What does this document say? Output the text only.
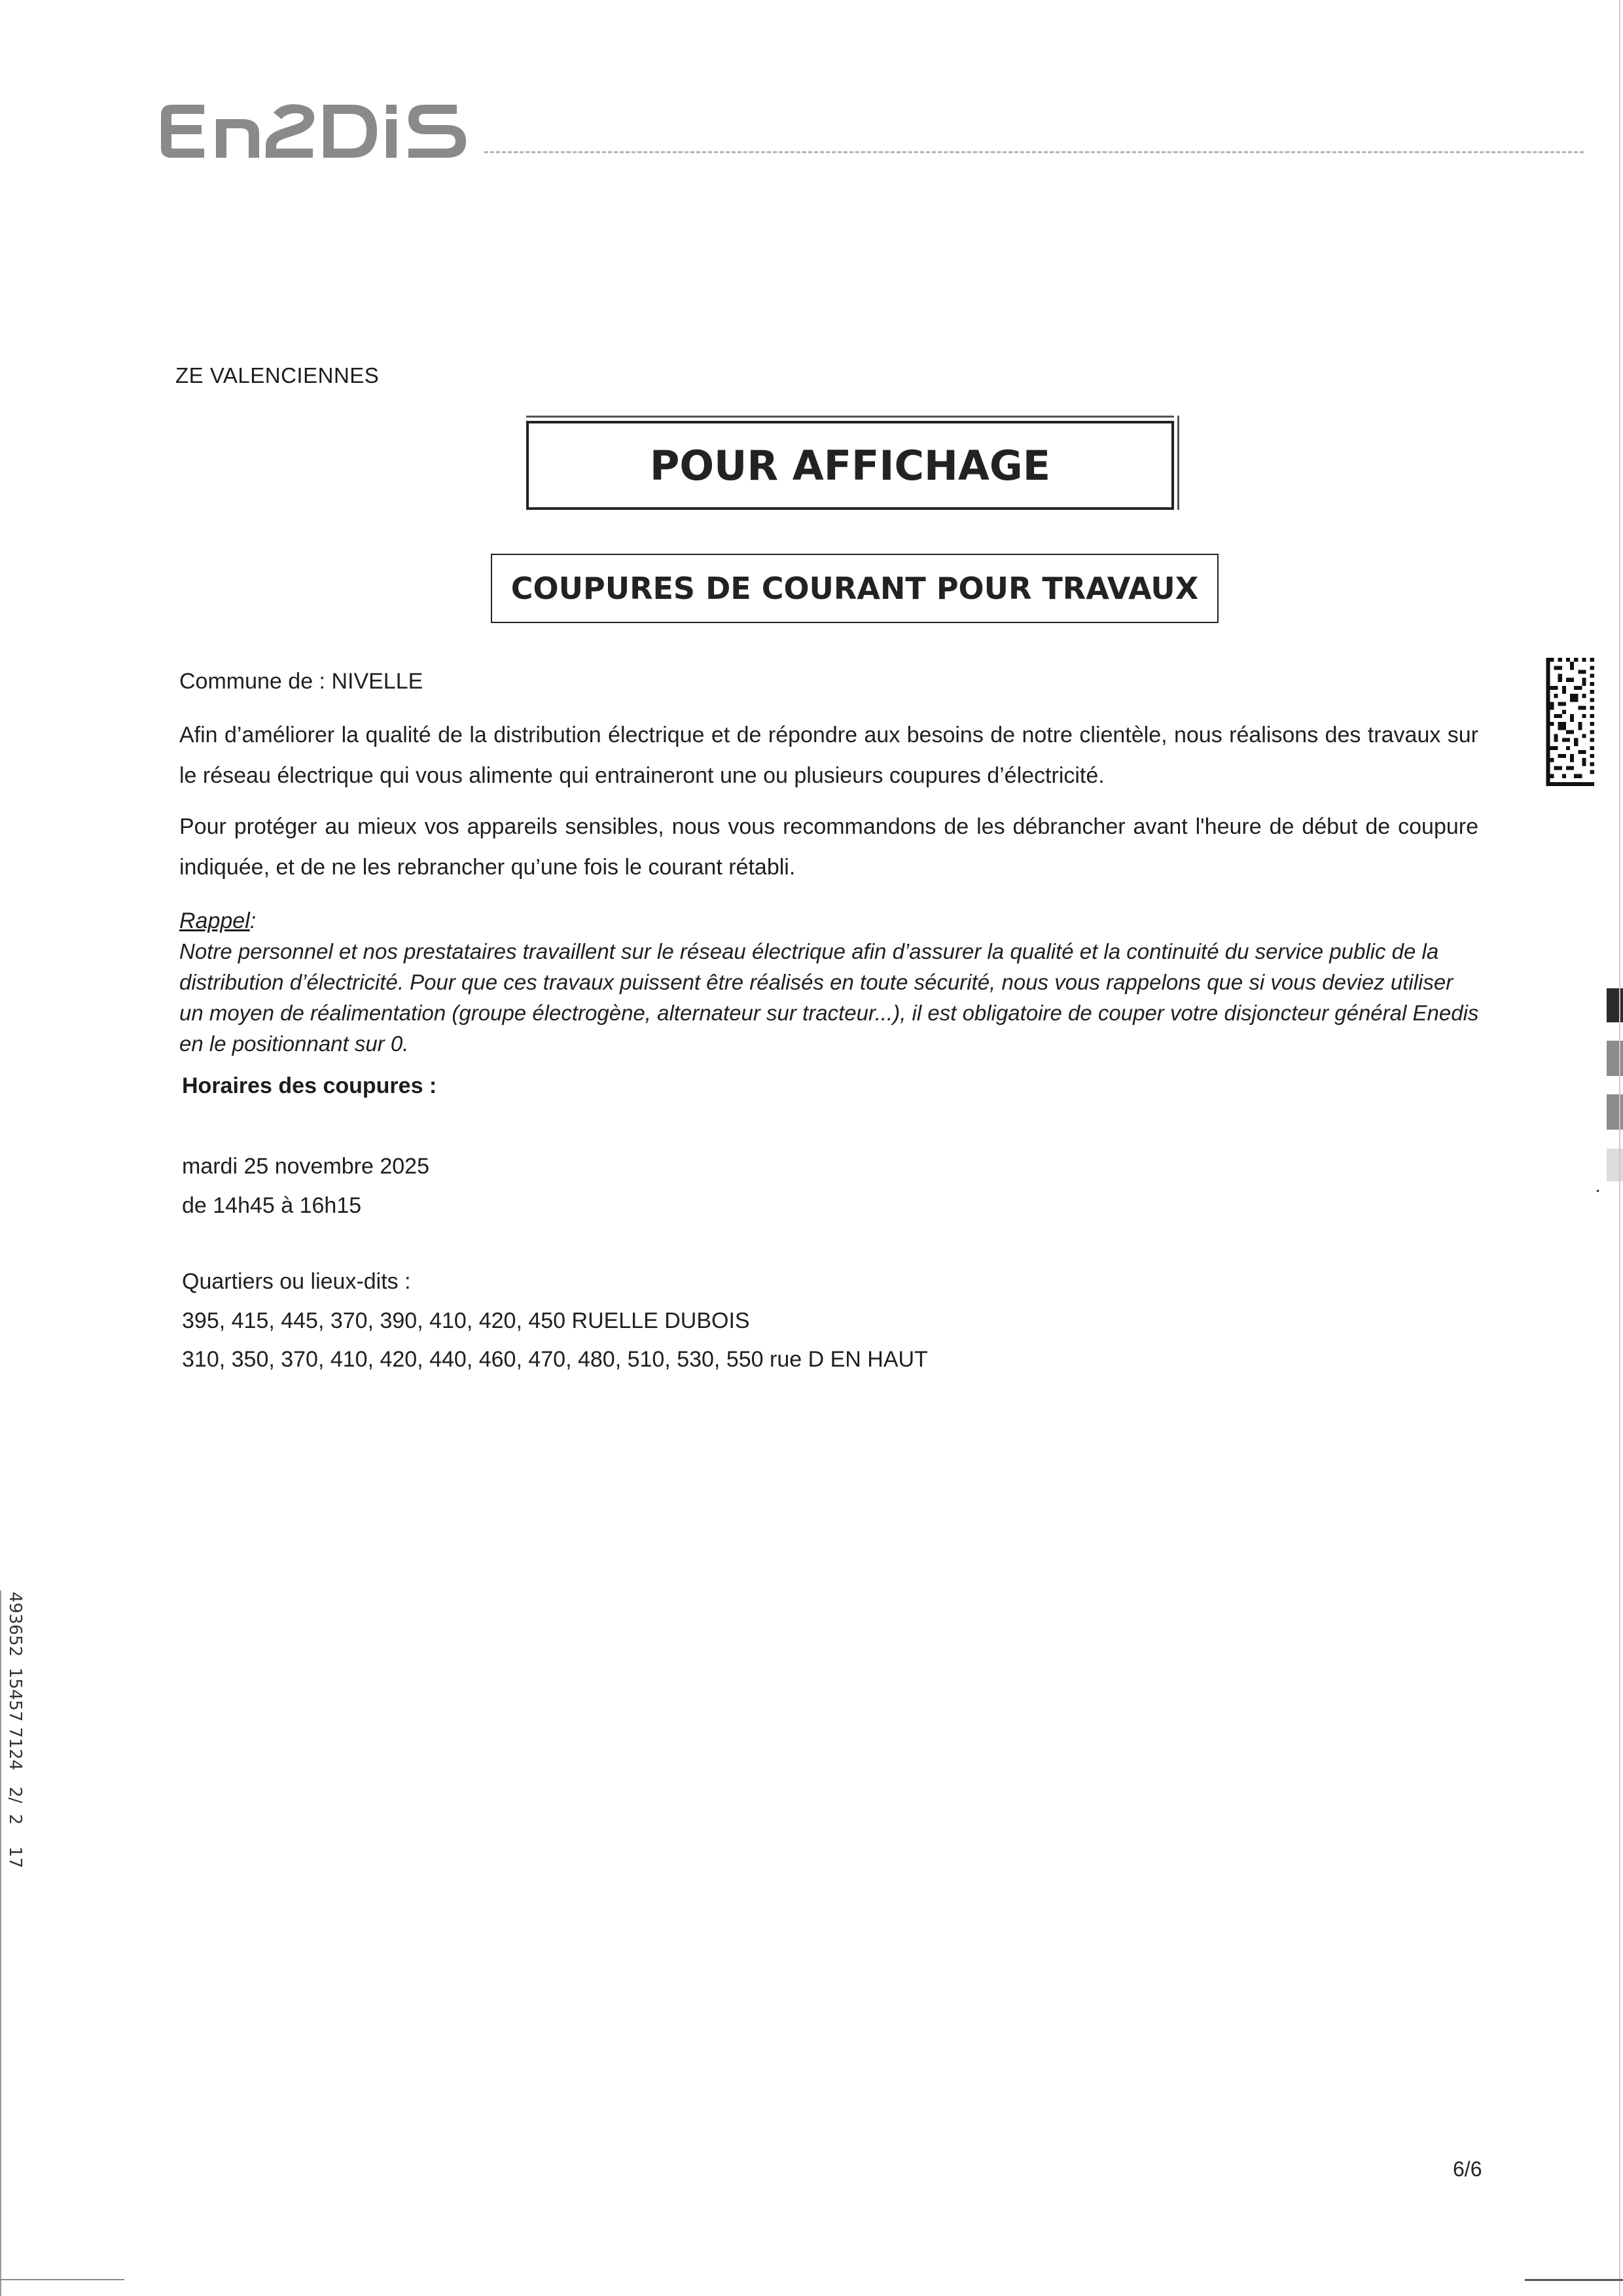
ZE VALENCIENNES
POUR AFFICHAGE
COUPURES DE COURANT POUR TRAVAUX
Commune de : NIVELLE
Afin d’améliorer la qualité de la distribution électrique et de répondre aux besoins de notre clientèle, nous réalisons des travaux sur le réseau électrique qui vous alimente qui entraineront une ou plusieurs coupures d’électricité.
Pour protéger au mieux vos appareils sensibles, nous vous recommandons de les débrancher avant l'heure de début de coupure indiquée, et de ne les rebrancher qu’une fois le courant rétabli.
Rappel:
Notre personnel et nos prestataires travaillent sur le réseau électrique afin d’assurer la qualité et la continuité du service public de la distribution d’électricité. Pour que ces travaux puissent être réalisés en toute sécurité, nous vous rappelons que si vous deviez utiliser un moyen de réalimentation (groupe électrogène, alternateur sur tracteur...), il est obligatoire de couper votre disjoncteur général Enedis en le positionnant sur 0.
Horaires des coupures :
mardi 25 novembre 2025
de 14h45 à 16h15
Quartiers ou lieux-dits :
395, 415, 445, 370, 390, 410, 420, 450 RUELLE DUBOIS
310, 350, 370, 410, 420, 440, 460, 470, 480, 510, 530, 550 rue D EN HAUT
493652  15457 7124   2/  2    17
6/6
